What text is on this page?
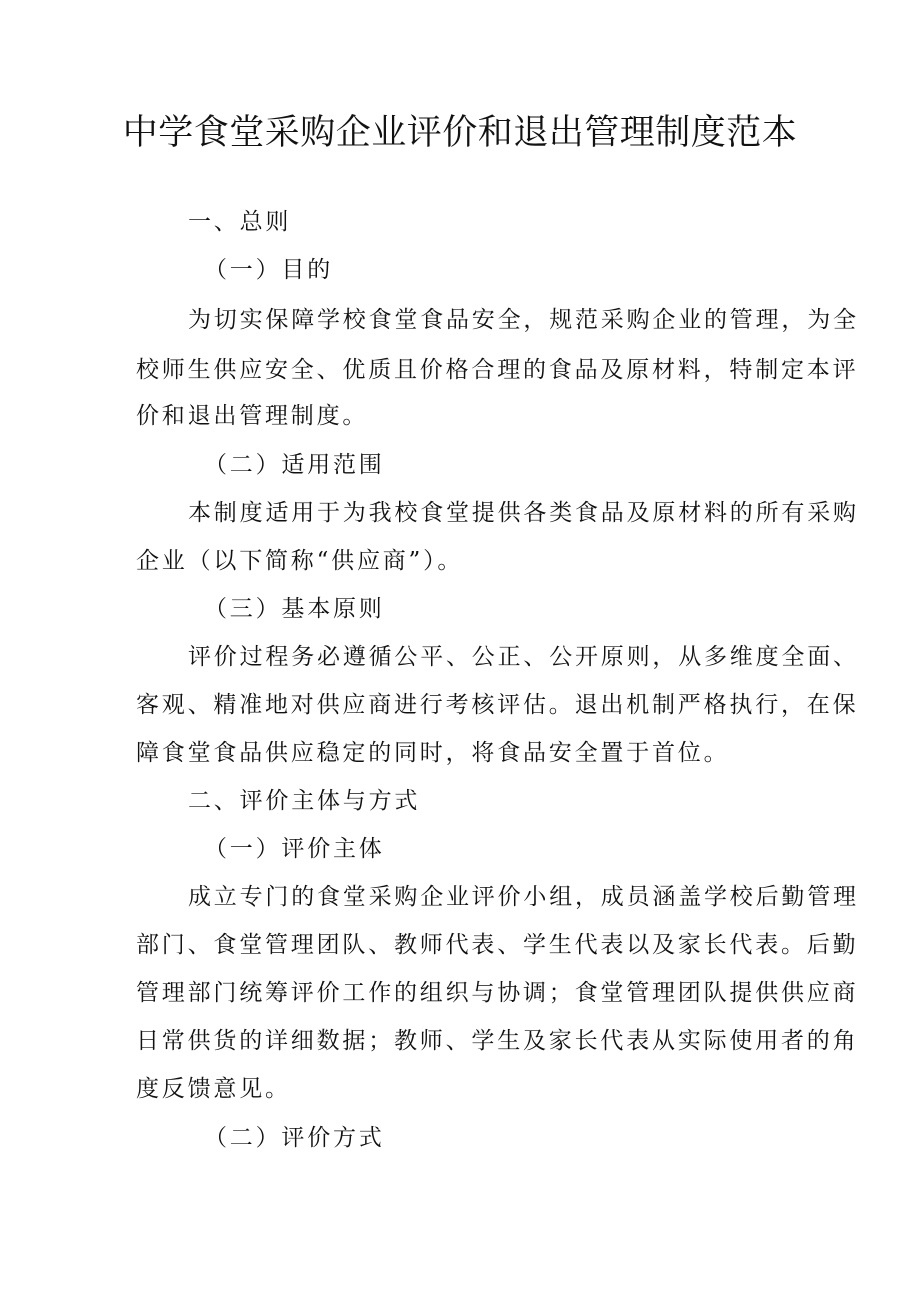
中学食堂采购企业评价和退出管理制度范本

一、总则

（一）目的

为切实保障学校食堂食品安全，规范采购企业的管理，为全

校师生供应安全、优质且价格合理的食品及原材料，特制定本评

价和退出管理制度。

（二）适用范围

本制度适用于为我校食堂提供各类食品及原材料的所有采购

企业（以下简称“供应商”）。

（三）基本原则

评价过程务必遵循公平、公正、公开原则，从多维度全面、

客观、精准地对供应商进行考核评估。退出机制严格执行，在保

障食堂食品供应稳定的同时，将食品安全置于首位。

二、评价主体与方式

（一）评价主体

成立专门的食堂采购企业评价小组，成员涵盖学校后勤管理

部门、食堂管理团队、教师代表、学生代表以及家长代表。后勤

管理部门统筹评价工作的组织与协调；食堂管理团队提供供应商

日常供货的详细数据；教师、学生及家长代表从实际使用者的角

度反馈意见。

（二）评价方式
